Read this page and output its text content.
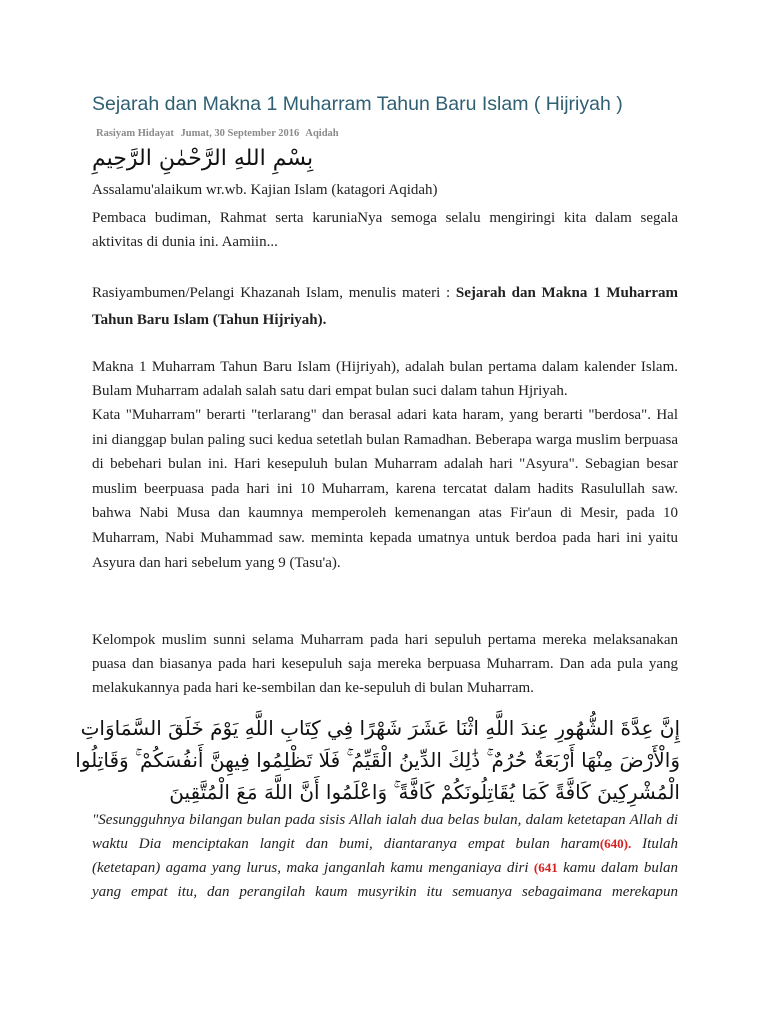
Sejarah dan Makna 1 Muharram Tahun Baru Islam ( Hijriyah )
Rasiyam Hidayat Jumat, 30 September 2016 Aqidah
بِسْمِ اللهِ الرَّحْمٰنِ الرَّحِيمِ
Assalamu'alaikum wr.wb. Kajian Islam (katagori Aqidah)
Pembaca budiman, Rahmat serta karuniaNya semoga selalu mengiringi kita dalam segala aktivitas di dunia ini. Aamiin...
Rasiyambumen/Pelangi Khazanah Islam, menulis materi : Sejarah dan Makna 1 Muharram Tahun Baru Islam (Tahun Hijriyah).
Makna 1 Muharram Tahun Baru Islam (Hijriyah), adalah bulan pertama dalam kalender Islam. Bulam Muharram adalah salah satu dari empat bulan suci dalam tahun Hjriyah.
Kata "Muharram" berarti "terlarang" dan berasal adari kata haram, yang berarti "berdosa". Hal ini dianggap bulan paling suci kedua setetlah bulan Ramadhan. Beberapa warga muslim berpuasa di bebehari bulan ini. Hari kesepuluh bulan Muharram adalah hari "Asyura". Sebagian besar muslim beerpuasa pada hari ini 10 Muharram, karena tercatat dalam hadits Rasulullah saw. bahwa Nabi Musa dan kaumnya memperoleh kemenangan atas Fir'aun di Mesir, pada 10 Muharram, Nabi Muhammad saw. meminta kepada umatnya untuk berdoa pada hari ini yaitu Asyura dan hari sebelum yang 9 (Tasu'a).
Kelompok muslim sunni selama Muharram pada hari sepuluh pertama mereka melaksanakan puasa dan biasanya pada hari kesepuluh saja mereka berpuasa Muharram. Dan ada pula yang melakukannya pada hari ke-sembilan dan ke-sepuluh di bulan Muharram.
إِنَّ عِدَّةَ الشُّهُورِ عِندَ اللَّهِ اثْنَا عَشَرَ شَهْرًا فِي كِتَابِ اللَّهِ يَوْمَ خَلَقَ السَّمَاوَاتِ
وَالْأَرْضَ مِنْهَا أَرْبَعَةٌ حُرُمٌ ۚ ذَٰلِكَ الدِّينُ الْقَيِّمُ ۚ فَلَا تَظْلِمُوا فِيهِنَّ أَنفُسَكُمْ ۚ وَقَاتِلُوا
الْمُشْرِكِينَ كَافَّةً كَمَا يُقَاتِلُونَكُمْ كَافَّةً ۚ وَاعْلَمُوا أَنَّ اللَّهَ مَعَ الْمُتَّقِينَ
"Sesungguhnya bilangan bulan pada sisis Allah ialah dua belas bulan, dalam ketetapan Allah di waktu Dia menciptakan langit dan bumi, diantaranya empat bulan haram(640). Itulah (ketetapan) agama yang lurus, maka janganlah kamu menganiaya diri (641 kamu dalam bulan yang empat itu, dan perangilah kaum musyrikin itu semuanya sebagaimana merekapun
